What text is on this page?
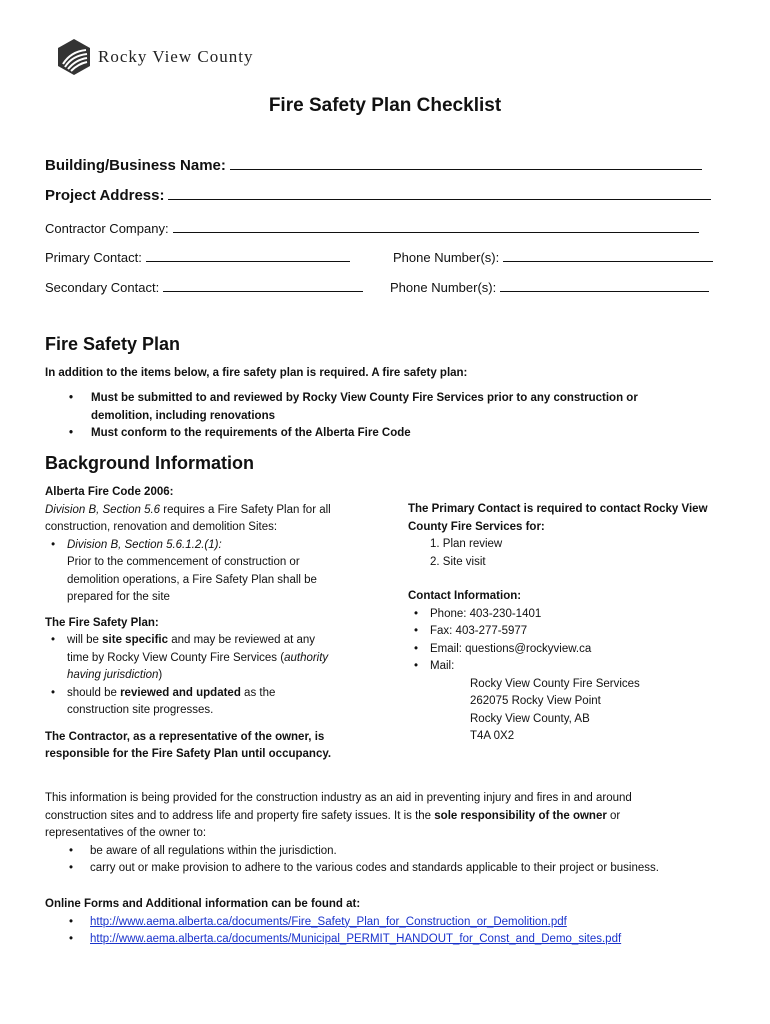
Rocky View County
Fire Safety Plan Checklist
Building/Business Name:
Project Address:
Contractor Company:
Primary Contact:	Phone Number(s):
Secondary Contact:	Phone Number(s):
Fire Safety Plan
In addition to the items below, a fire safety plan is required. A fire safety plan:
• Must be submitted to and reviewed by Rocky View County Fire Services prior to any construction or
demolition, including renovations
• Must conform to the requirements of the Alberta Fire Code
Background Information
Alberta Fire Code 2006:
Division B, Section 5.6 requires a Fire Safety Plan for all
construction, renovation and demolition Sites:
• Division B, Section 5.6.1.2.(1):
Prior to the commencement of construction or
demolition operations, a Fire Safety Plan shall be
prepared for the site
The Fire Safety Plan:
• will be site specific and may be reviewed at any
time by Rocky View County Fire Services (authority
having jurisdiction)
• should be reviewed and updated as the
construction site progresses.
The Contractor, as a representative of the owner, is
responsible for the Fire Safety Plan until occupancy.
The Primary Contact is required to contact Rocky View
County Fire Services for:
1. Plan review
2. Site visit
Contact Information:
• Phone: 403-230-1401
• Fax: 403-277-5977
• Email: questions@rockyview.ca
• Mail:
Rocky View County Fire Services
262075 Rocky View Point
Rocky View County, AB
T4A 0X2
This information is being provided for the construction industry as an aid in preventing injury and fires in and around
construction sites and to address life and property fire safety issues. It is the sole responsibility of the owner or
representatives of the owner to:
• be aware of all regulations within the jurisdiction.
• carry out or make provision to adhere to the various codes and standards applicable to their project or business.
Online Forms and Additional information can be found at:
• http://www.aema.alberta.ca/documents/Fire_Safety_Plan_for_Construction_or_Demolition.pdf
• http://www.aema.alberta.ca/documents/Municipal_PERMIT_HANDOUT_for_Const_and_Demo_sites.pdf
